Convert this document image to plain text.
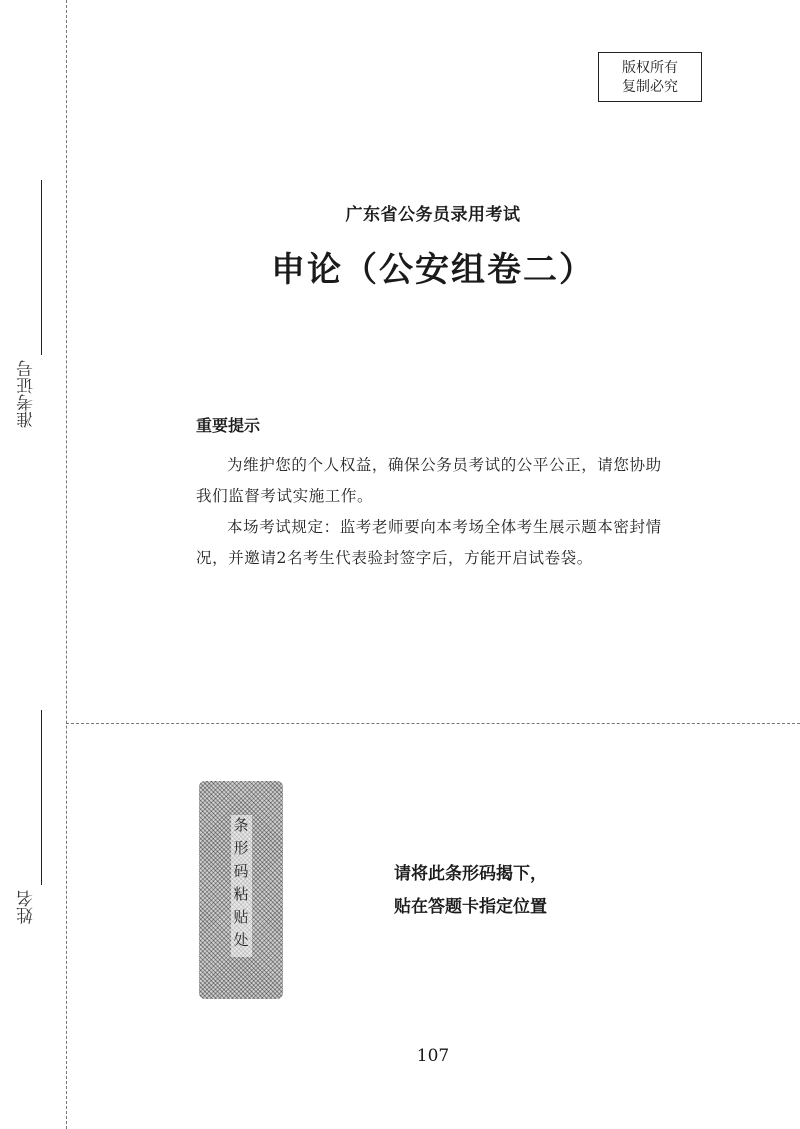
准考证号
姓名
版权所有
复制必究
广东省公务员录用考试
申论（公安组卷二）
重要提示

为维护您的个人权益，确保公务员考试的公平公正，请您协助我们监督考试实施工作。

本场考试规定：监考老师要向本考场全体考生展示题本密封情况，并邀请2名考生代表验封签字后，方能开启试卷袋。

条形码粘贴处	请将此条形码揭下，
贴在答题卡指定位置
107
